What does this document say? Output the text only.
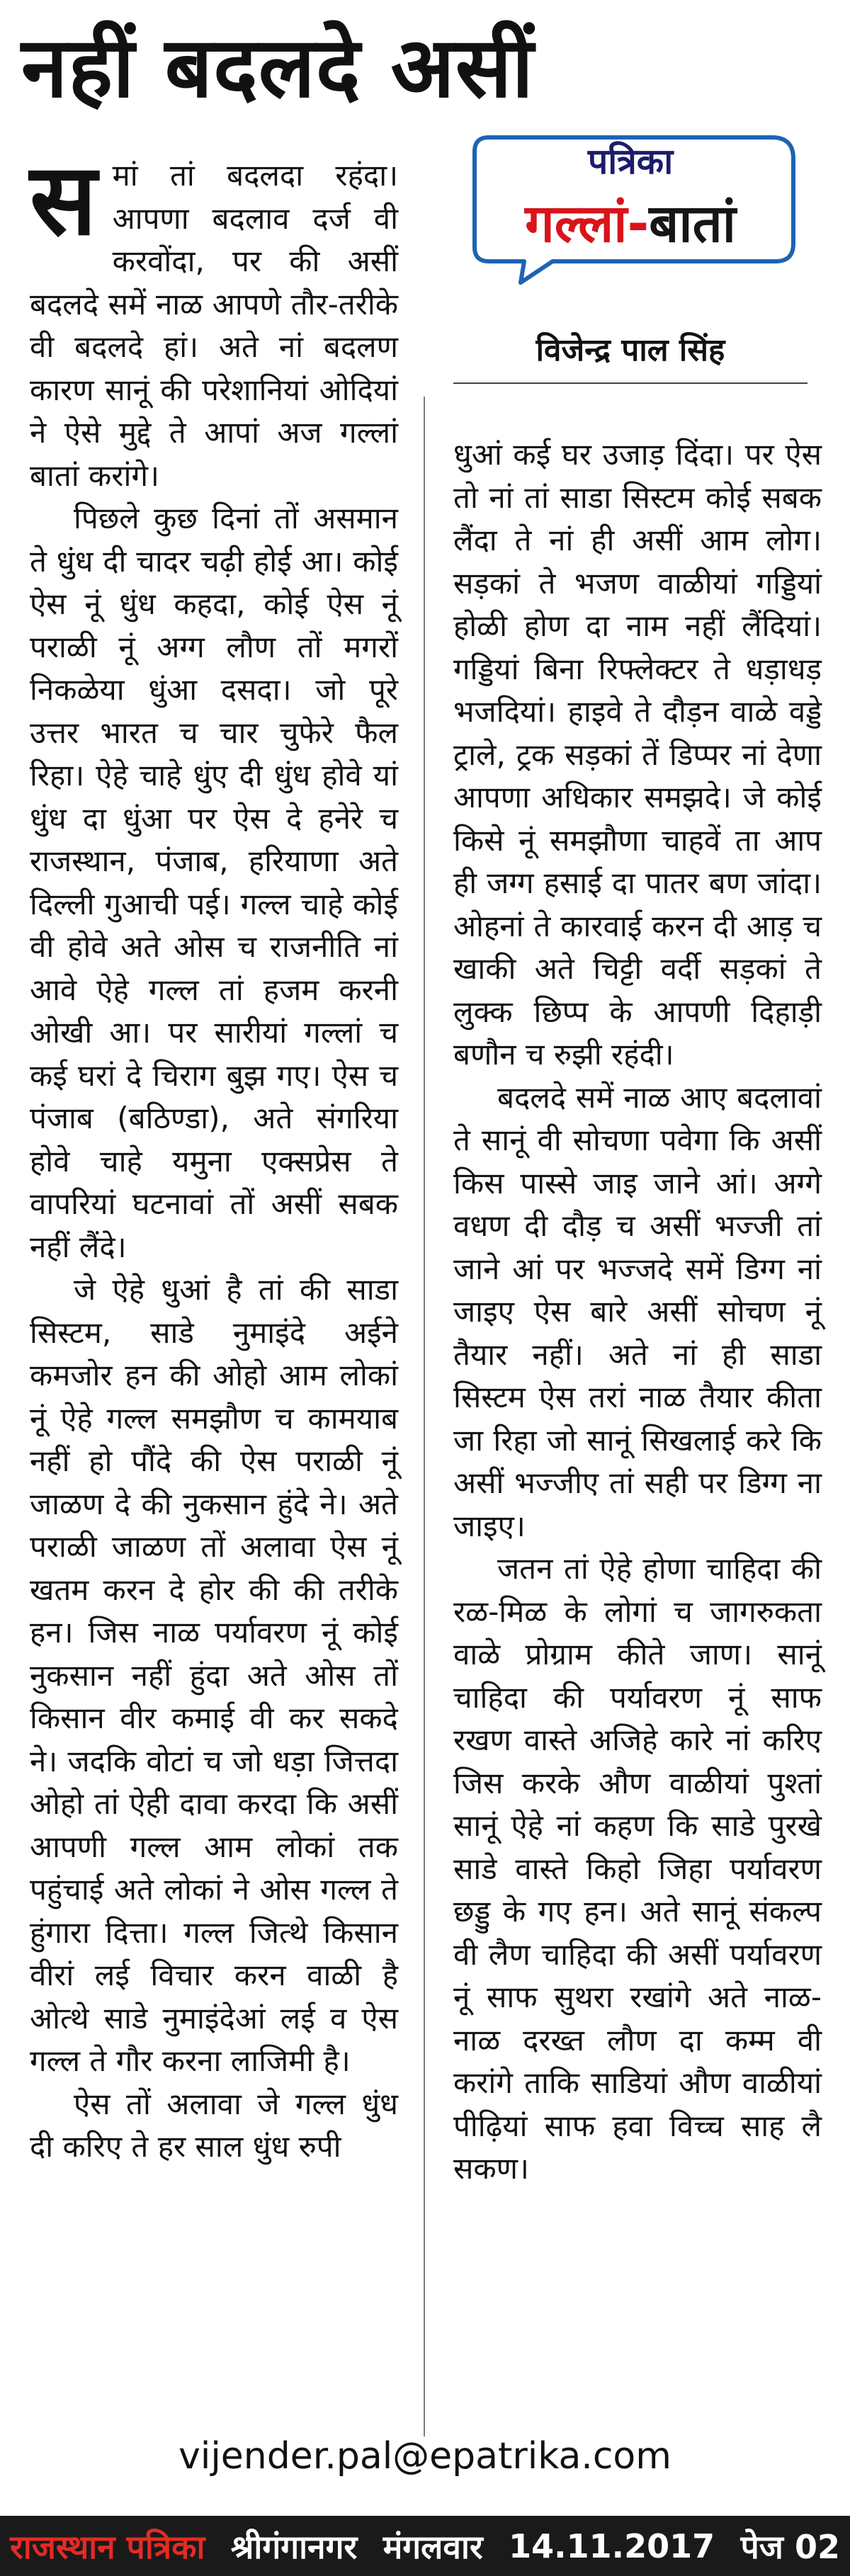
नहीं बदलदे असीं
पत्रिका
गल्लां-बातां
विजेन्द्र पाल सिंह

समां तां बदलदा रहंदा। आपणा बदलाव दर्ज वी करवोंदा, पर की असीं बदलदे समें नाळ आपणे तौर-तरीके वी बदलदे हां। अते नां बदलण कारण सानूं की परेशानियां ओदियां ने ऐसे मुद्दे ते आपां अज गल्लां बातां करांगे।

पिछले कुछ दिनां तों असमान ते धुंध दी चादर चढ़ी होई आ। कोई ऐस नूं धुंध कहदा, कोई ऐस नूं पराळी नूं अग्ग लौण तों मगरों निकळेया धुंआ दसदा। जो पूरे उत्तर भारत च चार चुफेरे फैल रिहा। ऐहे चाहे धुंए दी धुंध होवे यां धुंध दा धुंआ पर ऐस दे हनेरे च राजस्थान, पंजाब, हरियाणा अते दिल्ली गुआची पई। गल्ल चाहे कोई वी होवे अते ओस च राजनीति नां आवे ऐहे गल्ल तां हजम करनी ओखी आ। पर सारीयां गल्लां च कई घरां दे चिराग बुझ गए। ऐस च पंजाब (बठिण्डा), अते संगरिया होवे चाहे यमुना एक्सप्रेस ते वापरियां घटनावां तों असीं सबक नहीं लैंदे।

जे ऐहे धुआं है तां की साडा सिस्टम, साडे नुमाइंदे अईने कमजोर हन की ओहो आम लोकां नूं ऐहे गल्ल समझौण च कामयाब नहीं हो पौंदे की ऐस पराळी नूं जाळण दे की नुकसान हुंदे ने। अते पराळी जाळण तों अलावा ऐस नूं खतम करन दे होर की की तरीके हन। जिस नाळ पर्यावरण नूं कोई नुकसान नहीं हुंदा अते ओस तों किसान वीर कमाई वी कर सकदे ने। जदकि वोटां च जो धड़ा जित्तदा ओहो तां ऐही दावा करदा कि असीं आपणी गल्ल आम लोकां तक पहुंचाई अते लोकां ने ओस गल्ल ते हुंगारा दित्ता। गल्ल जित्थे किसान वीरां लई विचार करन वाळी है ओत्थे साडे नुमाइंदेआं लई व ऐस गल्ल ते गौर करना लाजिमी है।

ऐस तों अलावा जे गल्ल धुंध दी करिए ते हर साल धुंध रुपी

धुआं कई घर उजाड़ दिंदा। पर ऐस तो नां तां साडा सिस्टम कोई सबक लैंदा ते नां ही असीं आम लोग। सड़कां ते भजण वाळीयां गड्डियां होळी होण दा नाम नहीं लैंदियां। गड्डियां बिना रिफ्लेक्टर ते धड़ाधड़ भजदियां। हाइवे ते दौड़न वाळे वड्डे ट्राले, ट्रक सड़कां तें डिप्पर नां देणा आपणा अधिकार समझदे। जे कोई किसे नूं समझौणा चाहवें ता आप ही जग्ग हसाई दा पातर बण जांदा। ओहनां ते कारवाई करन दी आड़ च खाकी अते चिट्टी वर्दी सड़कां ते लुक्क छिप्प के आपणी दिहाड़ी बणौन च रुझी रहंदी।

बदलदे समें नाळ आए बदलावां ते सानूं वी सोचणा पवेगा कि असीं किस पास्से जाइ जाने आं। अग्गे वधण दी दौड़ च असीं भज्जी तां जाने आं पर भज्जदे समें डिग्ग नां जाइए ऐस बारे असीं सोचण नूं तैयार नहीं। अते नां ही साडा सिस्टम ऐस तरां नाळ तैयार कीता जा रिहा जो सानूं सिखलाई करे कि असीं भज्जीए तां सही पर डिग्ग ना जाइए।

जतन तां ऐहे होणा चाहिदा की रळ-मिळ के लोगां च जागरुकता वाळे प्रोग्राम कीते जाण। सानूं चाहिदा की पर्यावरण नूं साफ रखण वास्ते अजिहे कारे नां करिए जिस करके औण वाळीयां पुश्तां सानूं ऐहे नां कहण कि साडे पुरखे साडे वास्ते किहो जिहा पर्यावरण छड्डु के गए हन। अते सानूं संकल्प वी लैण चाहिदा की असीं पर्यावरण नूं साफ सुथरा रखांगे अते नाळ-नाळ दरख्त लौण दा कम्म वी करांगे ताकि साडियां औण वाळीयां पीढ़ियां साफ हवा विच्च साह लै सकण।

vijender.pal@epatrika.com
राजस्थान पत्रिका श्रीगंगानगर मंगलवार 14.11.2017 पेज 02
